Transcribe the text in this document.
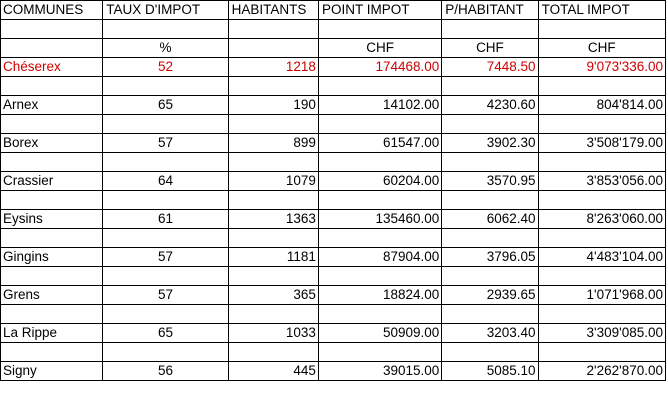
COMMUNES	TAUX D'IMPOT	HABITANTS	POINT IMPOT	P/HABITANT	TOTAL IMPOT

	%		CHF	CHF	CHF
Chéserex	52	1218	174468.00	7448.50	9'073'336.00

Arnex	65	190	14102.00	4230.60	804'814.00

Borex	57	899	61547.00	3902.30	3'508'179.00

Crassier	64	1079	60204.00	3570.95	3'853'056.00

Eysins	61	1363	135460.00	6062.40	8'263'060.00

Gingins	57	1181	87904.00	3796.05	4'483'104.00

Grens	57	365	18824.00	2939.65	1'071'968.00

La Rippe	65	1033	50909.00	3203.40	3'309'085.00

Signy	56	445	39015.00	5085.10	2'262'870.00
